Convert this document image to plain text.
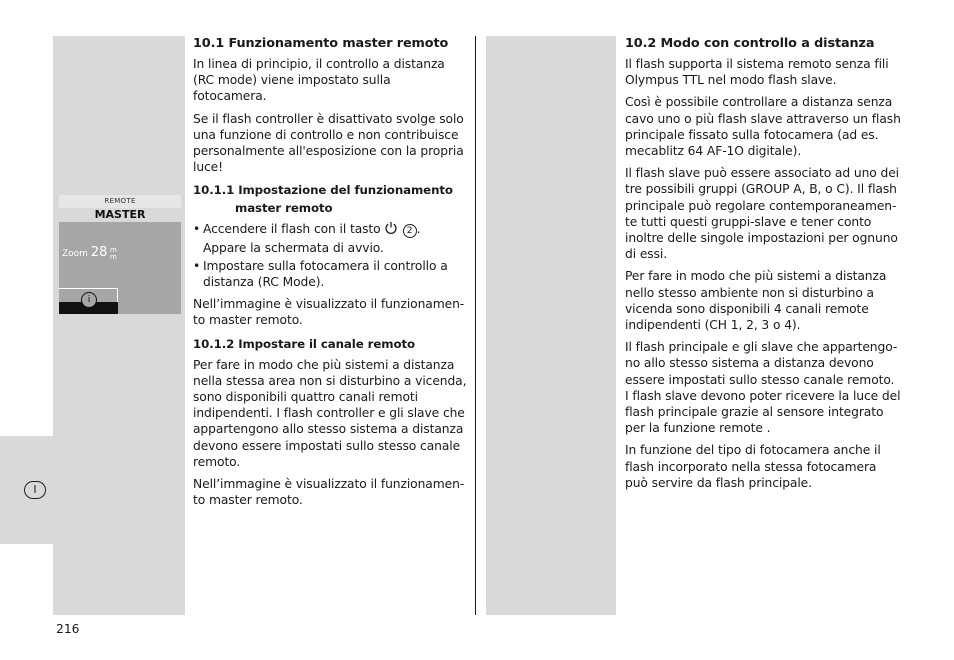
I
REMOTE
MASTER
Zoom 28 m m
i
10.1 Funzionamento master remoto

In linea di principio, il controllo a distanza (RC mode) viene impostato sulla fotocamera.

Se il flash controller è disattivato svolge solo una funzione di controllo e non contribuisce personalmente all'esposizione con la propria luce!

10.1.1 Impostazione del funzionamento master remoto
• Accendere il flash con il tasto	2 . Appare la schermata di avvio.
• Impostare sulla fotocamera il controllo a distanza (RC Mode).

Nell’immagine è visualizzato il funzionamen-to master remoto.

10.1.2 Impostare il canale remoto

Per fare in modo che più sistemi a distanza nella stessa area non si disturbino a vicenda, sono disponibili quattro canali remoti indipendenti. I flash controller e gli slave che appartengono allo stesso sistema a distanza devono essere impostati sullo stesso canale remoto.

Nell’immagine è visualizzato il funzionamen-to master remoto.

10.2 Modo con controllo a distanza

Il flash supporta il sistema remoto senza fili Olympus TTL nel modo flash slave.

Così è possibile controllare a distanza senza cavo uno o più flash slave attraverso un flash principale fissato sulla fotocamera (ad es. mecablitz 64 AF-1O digitale).

Il flash slave può essere associato ad uno dei tre possibili gruppi (GROUP A, B, o C). Il flash principale può regolare contemporaneamen-te tutti questi gruppi-slave e tener conto inoltre delle singole impostazioni per ognuno di essi.

Per fare in modo che più sistemi a distanza nello stesso ambiente non si disturbino a vicenda sono disponibili 4 canali remote indipendenti (CH 1, 2, 3 o 4).

Il flash principale e gli slave che appartengo-no allo stesso sistema a distanza devono essere impostati sullo stesso canale remoto. I flash slave devono poter ricevere la luce del flash principale grazie al sensore integrato per la funzione remote .

In funzione del tipo di fotocamera anche il flash incorporato nella stessa fotocamera può servire da flash principale.

216
